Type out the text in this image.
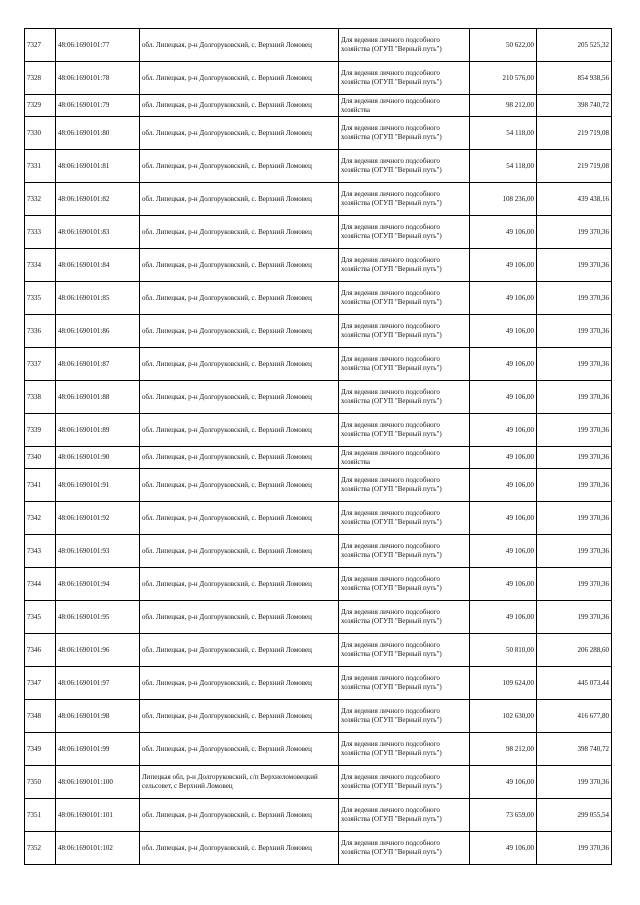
7327	48:06:1690101:77	обл. Липецкая, р-н Долгоруковский, с. Верхний Ломовец	Для ведения личного подсобного хозяйства (ОГУП "Верный путь")	50 622,00	205 525,32
7328	48:06:1690101:78	обл. Липецкая, р-н Долгоруковский, с. Верхний Ломовец	Для ведения личного подсобного хозяйства (ОГУП "Верный путь")	210 576,00	854 938,56
7329	48:06:1690101:79	обл. Липецкая, р-н Долгоруковский, с. Верхний Ломовец	Для ведения личного подсобного хозяйства	98 212,00	398 740,72
7330	48:06:1690101:80	обл. Липецкая, р-н Долгоруковский, с. Верхний Ломовец	Для ведения личного подсобного хозяйства (ОГУП "Верный путь")	54 118,00	219 719,08
7331	48:06:1690101:81	обл. Липецкая, р-н Долгоруковский, с. Верхний Ломовец	Для ведения личного подсобного хозяйства (ОГУП "Верный путь")	54 118,00	219 719,08
7332	48:06:1690101:82	обл. Липецкая, р-н Долгоруковский, с. Верхний Ломовец	Для ведения личного подсобного хозяйства (ОГУП "Верный путь")	108 236,00	439 438,16
7333	48:06:1690101:83	обл. Липецкая, р-н Долгоруковский, с. Верхний Ломовец	Для ведения личного подсобного хозяйства (ОГУП "Верный путь")	49 106,00	199 370,36
7334	48:06:1690101:84	обл. Липецкая, р-н Долгоруковский, с. Верхний Ломовец	Для ведения личного подсобного хозяйства (ОГУП "Верный путь")	49 106,00	199 370,36
7335	48:06:1690101:85	обл. Липецкая, р-н Долгоруковский, с. Верхний Ломовец	Для ведения личного подсобного хозяйства (ОГУП "Верный путь")	49 106,00	199 370,36
7336	48:06:1690101:86	обл. Липецкая, р-н Долгоруковский, с. Верхний Ломовец	Для ведения личного подсобного хозяйства (ОГУП "Верный путь")	49 106,00	199 370,36
7337	48:06:1690101:87	обл. Липецкая, р-н Долгоруковский, с. Верхний Ломовец	Для ведения личного подсобного хозяйства (ОГУП "Верный путь")	49 106,00	199 370,36
7338	48:06:1690101:88	обл. Липецкая, р-н Долгоруковский, с. Верхний Ломовец	Для ведения личного подсобного хозяйства (ОГУП "Верный путь")	49 106,00	199 370,36
7339	48:06:1690101:89	обл. Липецкая, р-н Долгоруковский, с. Верхний Ломовец	Для ведения личного подсобного хозяйства (ОГУП "Верный путь")	49 106,00	199 370,36
7340	48:06:1690101:90	обл. Липецкая, р-н Долгоруковский, с. Верхний Ломовец	Для ведения личного подсобного хозяйства	49 106,00	199 370,36
7341	48:06:1690101:91	обл. Липецкая, р-н Долгоруковский, с. Верхний Ломовец	Для ведения личного подсобного хозяйства (ОГУП "Верный путь")	49 106,00	199 370,36
7342	48:06:1690101:92	обл. Липецкая, р-н Долгоруковский, с. Верхний Ломовец	Для ведения личного подсобного хозяйства (ОГУП "Верный путь")	49 106,00	199 370,36
7343	48:06:1690101:93	обл. Липецкая, р-н Долгоруковский, с. Верхний Ломовец	Для ведения личного подсобного хозяйства (ОГУП "Верный путь")	49 106,00	199 370,36
7344	48:06:1690101:94	обл. Липецкая, р-н Долгоруковский, с. Верхний Ломовец	Для ведения личного подсобного хозяйства (ОГУП "Верный путь")	49 106,00	199 370,36
7345	48:06:1690101:95	обл. Липецкая, р-н Долгоруковский, с. Верхний Ломовец	Для ведения личного подсобного хозяйства (ОГУП "Верный путь")	49 106,00	199 370,36
7346	48:06:1690101:96	обл. Липецкая, р-н Долгоруковский, с. Верхний Ломовец	Для ведения личного подсобного хозяйства (ОГУП "Верный путь")	50 810,00	206 288,60
7347	48:06:1690101:97	обл. Липецкая, р-н Долгоруковский, с. Верхний Ломовец	Для ведения личного подсобного хозяйства (ОГУП "Верный путь")	109 624,00	445 073,44
7348	48:06:1690101:98	обл. Липецкая, р-н Долгоруковский, с. Верхний Ломовец	Для ведения личного подсобного хозяйства (ОГУП "Верный путь")	102 630,00	416 677,80
7349	48:06:1690101:99	обл. Липецкая, р-н Долгоруковский, с. Верхний Ломовец	Для ведения личного подсобного хозяйства (ОГУП "Верный путь")	98 212,00	398 740,72
7350	48:06:1690101:100	Липецкая обл, р-н Долгоруковский, с/п Верхнеломовецкий сельсовет, с Верхний Ломовец	Для ведения личного подсобного хозяйства (ОГУП "Верный путь")	49 106,00	199 370,36
7351	48:06:1690101:101	обл. Липецкая, р-н Долгоруковский, с. Верхний Ломовец	Для ведения личного подсобного хозяйства (ОГУП "Верный путь")	73 659,00	299 055,54
7352	48:06:1690101:102	обл. Липецкая, р-н Долгоруковский, с. Верхний Ломовец	Для ведения личного подсобного хозяйства (ОГУП "Верный путь")	49 106,00	199 370,36
